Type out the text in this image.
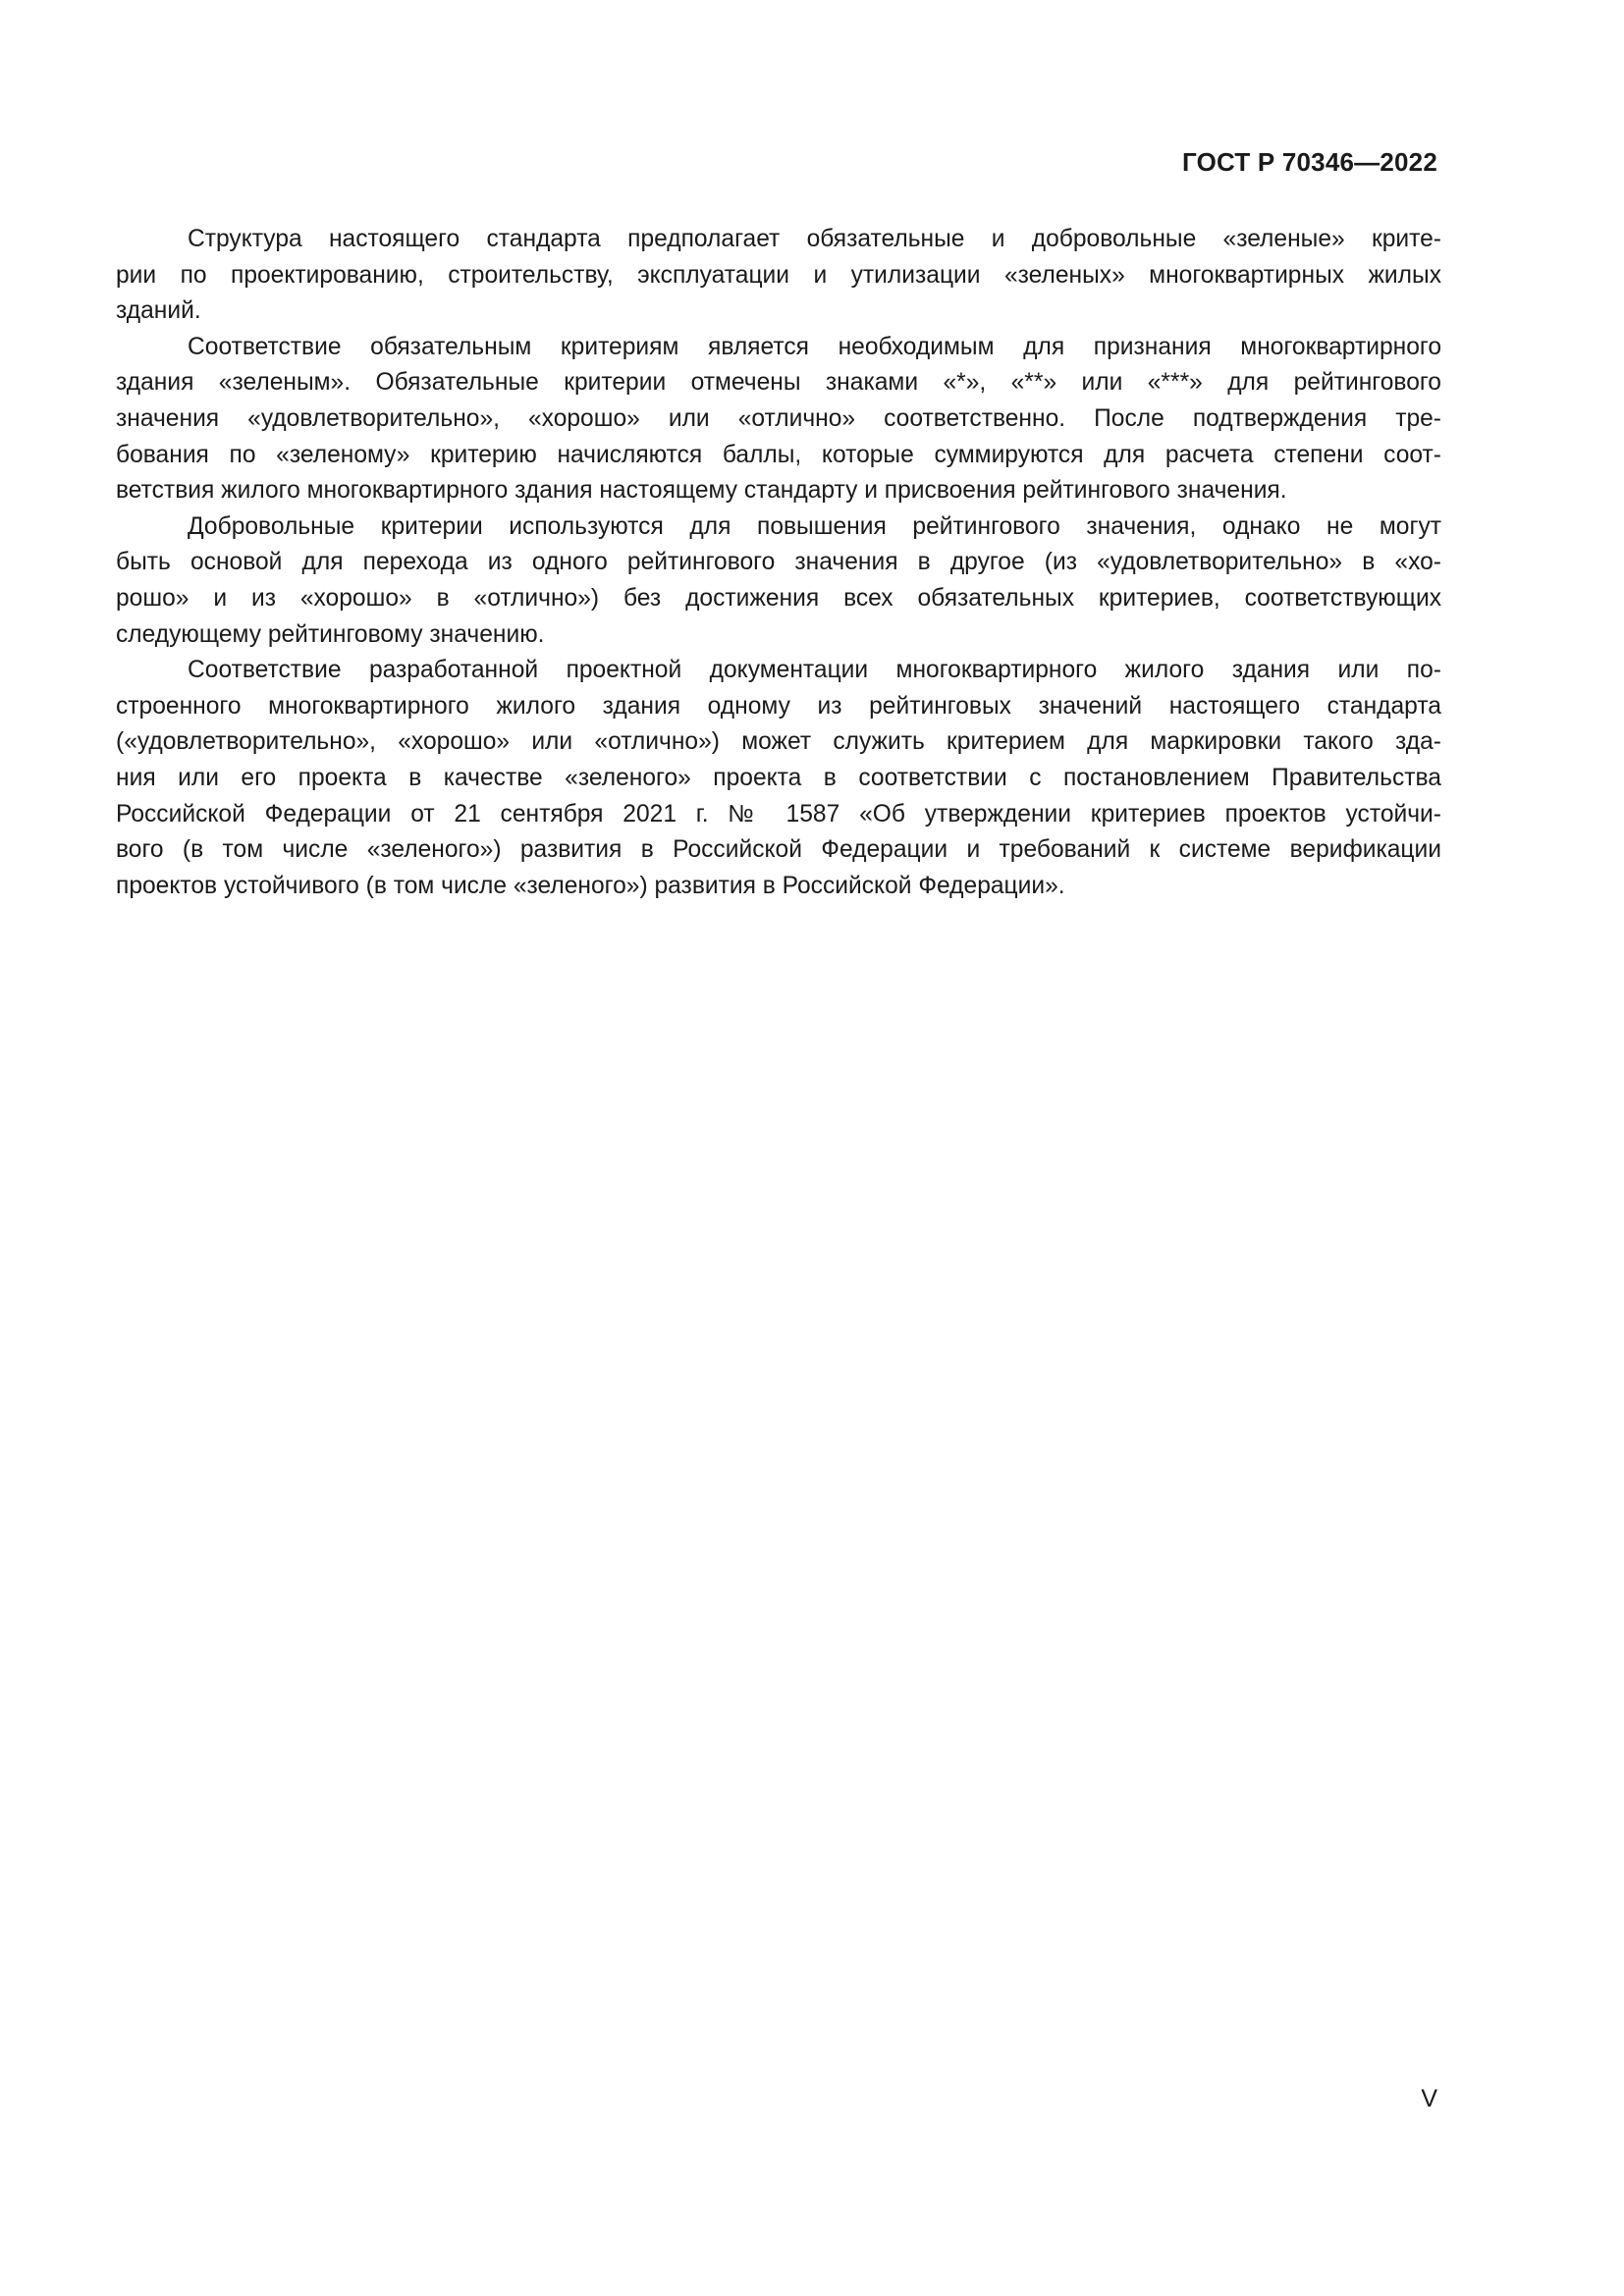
ГОСТ Р 70346—2022

Структура настоящего стандарта предполагает обязательные и добровольные «зеленые» крите-
рии по проектированию, строительству, эксплуатации и утилизации «зеленых» многоквартирных жилых
зданий.

Соответствие обязательным критериям является необходимым для признания многоквартирного
здания «зеленым». Обязательные критерии отмечены знаками «*», «**» или «***» для рейтингового
значения «удовлетворительно», «хорошо» или «отлично» соответственно. После подтверждения тре-
бования по «зеленому» критерию начисляются баллы, которые суммируются для расчета степени соот-
ветствия жилого многоквартирного здания настоящему стандарту и присвоения рейтингового значения.

Добровольные критерии используются для повышения рейтингового значения, однако не могут
быть основой для перехода из одного рейтингового значения в другое (из «удовлетворительно» в «хо-
рошо» и из «хорошо» в «отлично») без достижения всех обязательных критериев, соответствующих
следующему рейтинговому значению.

Соответствие разработанной проектной документации многоквартирного жилого здания или по-
строенного многоквартирного жилого здания одному из рейтинговых значений настоящего стандарта
(«удовлетворительно», «хорошо» или «отлично») может служить критерием для маркировки такого зда-
ния или его проекта в качестве «зеленого» проекта в соответствии с постановлением Правительства
Российской Федерации от 21 сентября 2021 г. № 1587 «Об утверждении критериев проектов устойчи-
вого (в том числе «зеленого») развития в Российской Федерации и требований к системе верификации
проектов устойчивого (в том числе «зеленого») развития в Российской Федерации».

V
